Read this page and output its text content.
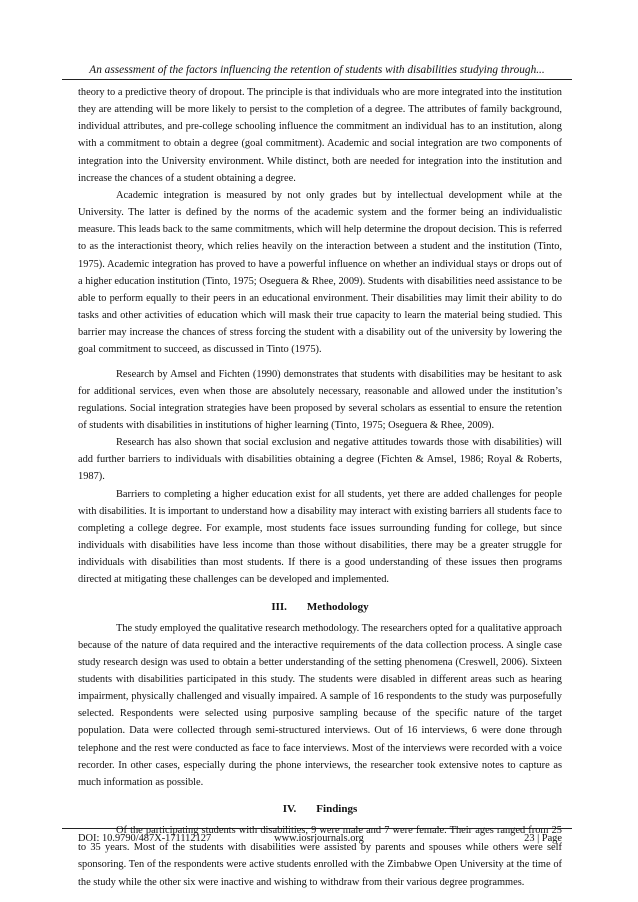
An assessment of the factors influencing the retention of students with disabilities studying through...

theory to a predictive theory of dropout. The principle is that individuals who are more integrated into the institution they are attending will be more likely to persist to the completion of a degree. The attributes of family background, individual attributes, and pre-college schooling influence the commitment an individual has to an institution, along with a commitment to obtain a degree (goal commitment). Academic and social integration are two components of integration into the University environment. While distinct, both are needed for integration into the institution and increase the chances of a student obtaining a degree.

Academic integration is measured by not only grades but by intellectual development while at the University. The latter is defined by the norms of the academic system and the former being an individualistic measure. This leads back to the same commitments, which will help determine the dropout decision. This is referred to as the interactionist theory, which relies heavily on the interaction between a student and the institution (Tinto, 1975). Academic integration has proved to have a powerful influence on whether an individual stays or drops out of a higher education institution (Tinto, 1975; Oseguera & Rhee, 2009). Students with disabilities need assistance to be able to perform equally to their peers in an educational environment. Their disabilities may limit their ability to do tasks and other activities of education which will mask their true capacity to learn the material being studied. This barrier may increase the chances of stress forcing the student with a disability out of the university by lowering the goal commitment to succeed, as discussed in Tinto (1975).

Research by Amsel and Fichten (1990) demonstrates that students with disabilities may be hesitant to ask for additional services, even when those are absolutely necessary, reasonable and allowed under the institution’s regulations. Social integration strategies have been proposed by several scholars as essential to ensure the retention of students with disabilities in institutions of higher learning (Tinto, 1975; Oseguera & Rhee, 2009).

Research has also shown that social exclusion and negative attitudes towards those with disabilities) will add further barriers to individuals with disabilities obtaining a degree (Fichten & Amsel, 1986; Royal & Roberts, 1987).

Barriers to completing a higher education exist for all students, yet there are added challenges for people with disabilities. It is important to understand how a disability may interact with existing barriers all students face to completing a college degree. For example, most students face issues surrounding funding for college, but since individuals with disabilities have less income than those without disabilities, there may be a greater struggle for individuals with disabilities than most students. If there is a good understanding of these issues then programs directed at mitigating these challenges can be developed and implemented.

III. Methodology

The study employed the qualitative research methodology. The researchers opted for a qualitative approach because of the nature of data required and the interactive requirements of the data collection process. A single case study research design was used to obtain a better understanding of the setting phenomena (Creswell, 2006). Sixteen students with disabilities participated in this study. The students were disabled in different areas such as hearing impairment, physically challenged and visually impaired. A sample of 16 respondents to the study was purposefully selected. Respondents were selected using purposive sampling because of the specific nature of the target population. Data were collected through semi-structured interviews. Out of 16 interviews, 6 were done through telephone and the rest were conducted as face to face interviews. Most of the interviews were recorded with a voice recorder. In other cases, especially during the phone interviews, the researcher took extensive notes to capture as much information as possible.

IV. Findings

Of the participating students with disabilities, 9 were male and 7 were female. Their ages ranged from 25 to 35 years. Most of the students with disabilities were assisted by parents and spouses while others were self sponsoring. Ten of the respondents were active students enrolled with the Zimbabwe Open University at the time of the study while the other six were inactive and wishing to withdraw from their various degree programmes.

DOI: 10.9790/487X-171112127	www.iosrjournals.org	23 | Page
